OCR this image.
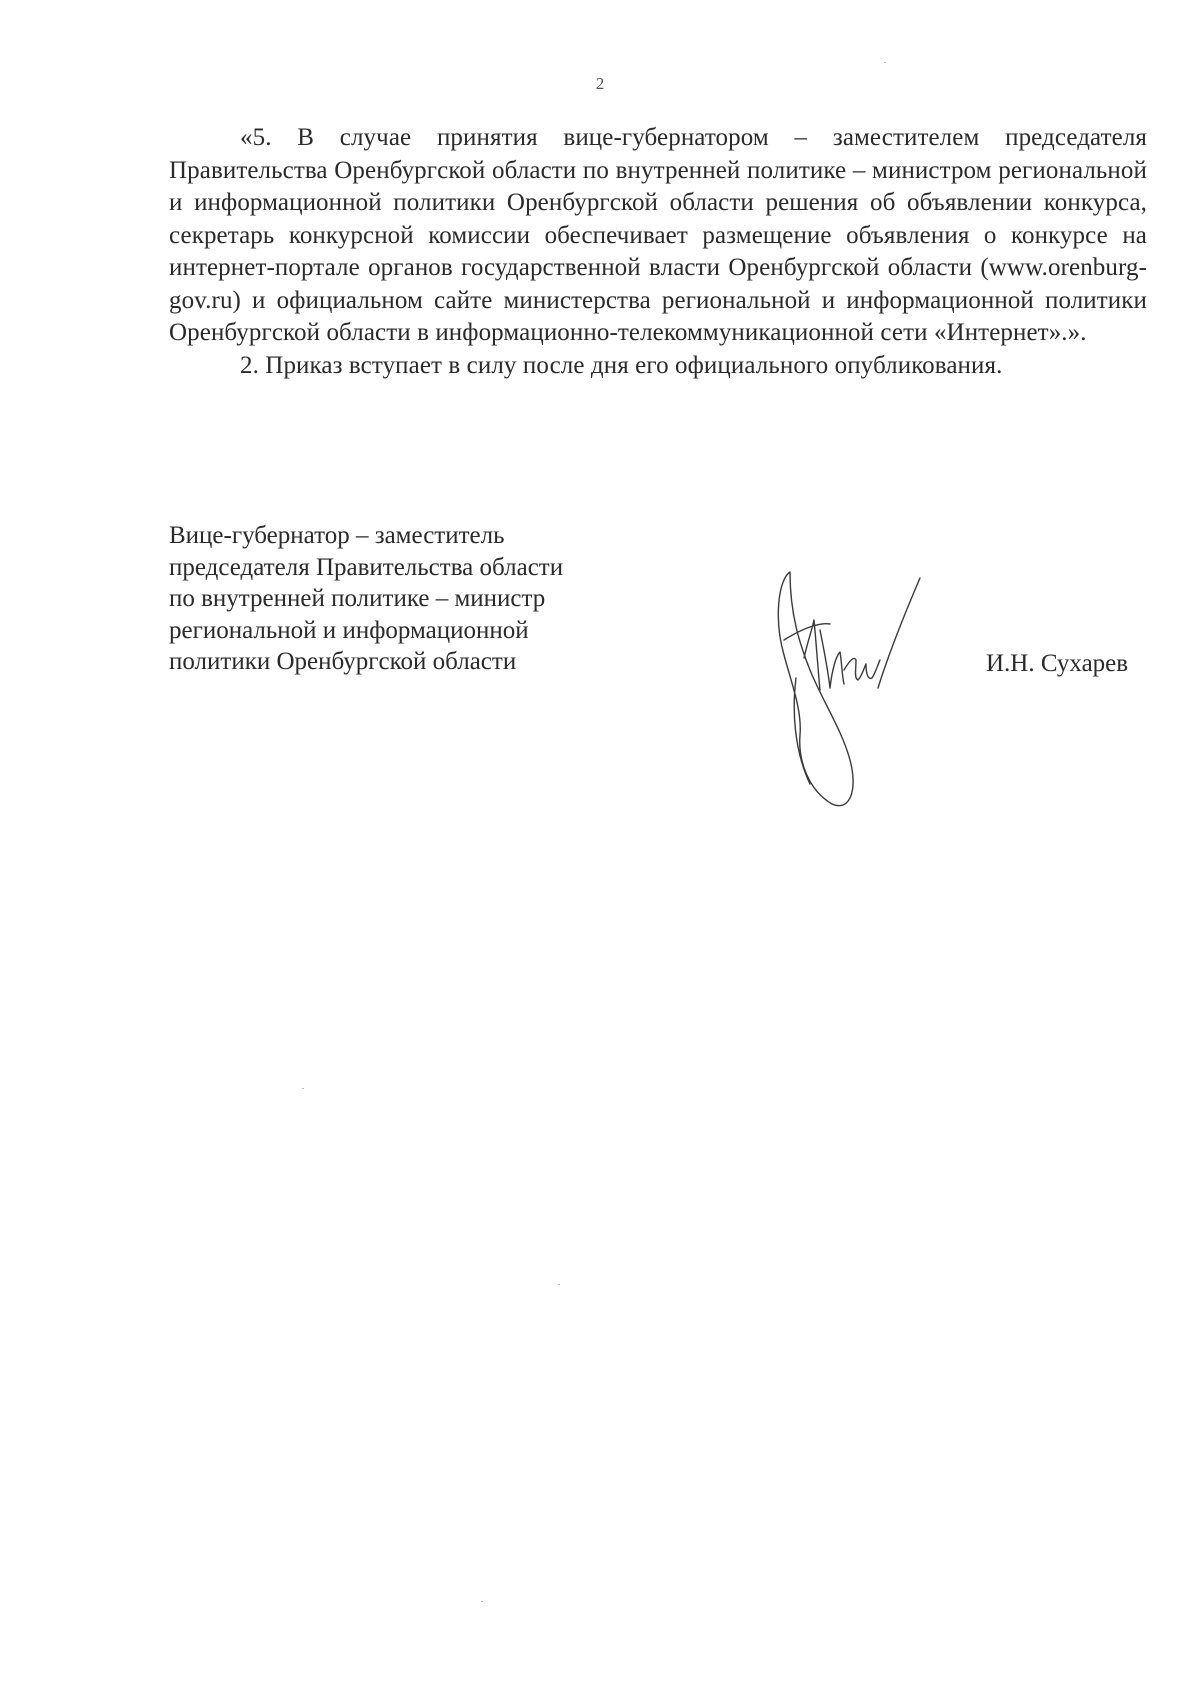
2

«5. В случае принятия вице-губернатором – заместителем председателя Правительства Оренбургской области по внутренней политике – министром региональной и информационной политики Оренбургской области решения об объявлении конкурса, секретарь конкурсной комиссии обеспечивает размещение объявления о конкурсе на интернет-портале органов государственной власти Оренбургской области (www.orenburg-gov.ru) и официальном сайте министерства региональной и информационной политики Оренбургской области в информационно-телекоммуникационной сети «Интернет».».

2. Приказ вступает в силу после дня его официального опубликования.

Вице-губернатор – заместитель
председателя Правительства области
по внутренней политике – министр
региональной и информационной
политики Оренбургской области	И.Н. Сухарев
